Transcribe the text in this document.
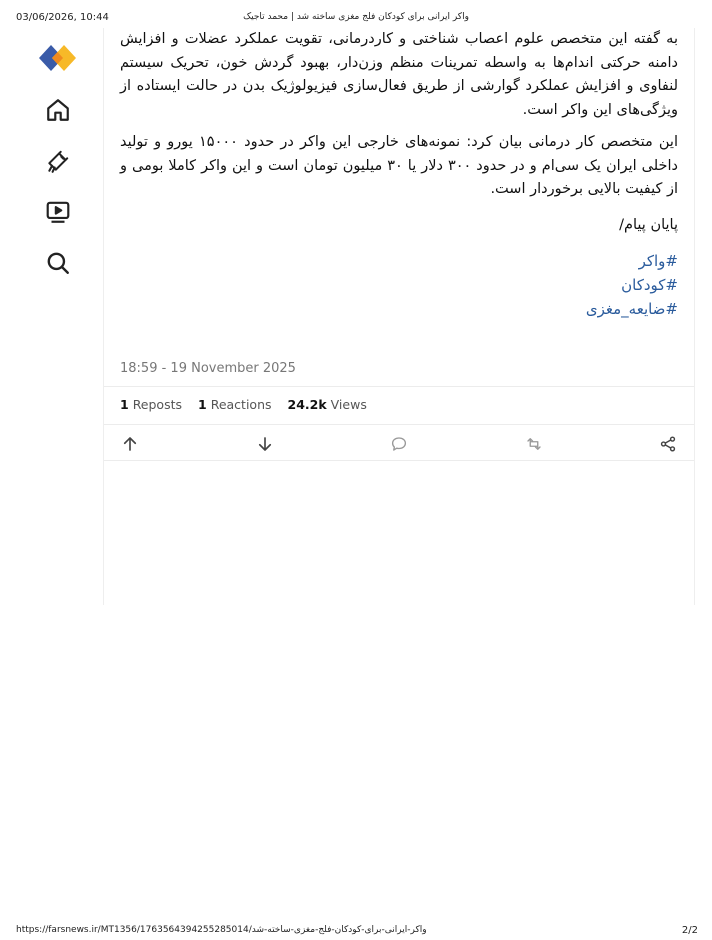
03/06/2026, 10:44	واکر ایرانی برای کودکان فلج مغزی ساخته شد | محمد تاجیک

به گفته این متخصص علوم اعصاب شناختی و کاردرمانی، تقویت عملکرد عضلات و افزایش دامنه حرکتی اندام‌ها به واسطه تمرینات منظم وزن‌دار، بهبود گردش خون، تحریک سیستم لنفاوی و افزایش عملکرد گوارشی از طریق فعال‌سازی فیزیولوژیک بدن در حالت ایستاده از ویژگی‌های این واکر است.

این متخصص کار درمانی بیان کرد: نمونه‌های خارجی این واکر در حدود ۱۵۰۰۰ یورو و تولید داخلی ایران یک سی‌ام و در حدود ۳۰۰ دلار یا ۳۰ میلیون تومان است و این واکر کاملا بومی و از کیفیت بالایی برخوردار است.

پایان پیام/

#واکر
#کودکان
#ضایعه_مغزی
18:59 - 19 November 2025
1 Reposts 1 Reactions 24.2k Views
https://farsnews.ir/MT1356/1763564394255285014/واکر-ایرانی-برای-کودکان-فلج-مغزی-ساخته-شد	2/2
